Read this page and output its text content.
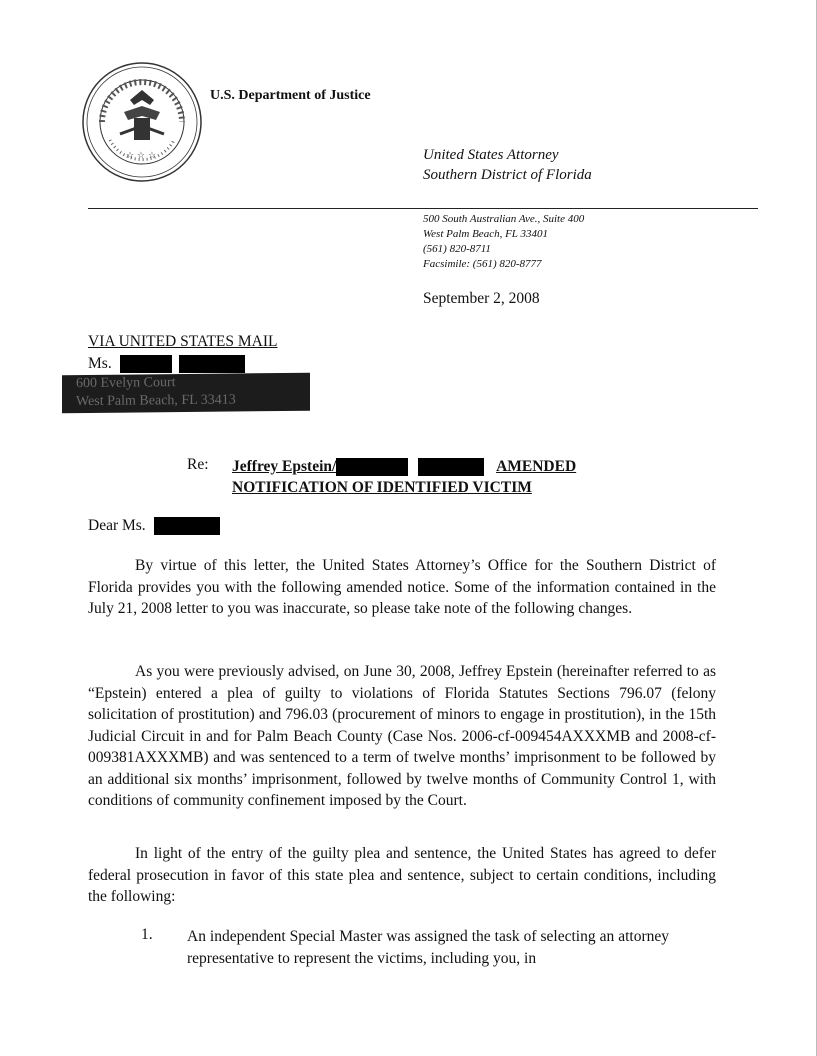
☆ ☆ ☆
U.S. Department of Justice
United States Attorney
Southern District of Florida
500 South Australian Ave., Suite 400
West Palm Beach, FL 33401
(561) 820-8711
Facsimile: (561) 820-8777
September 2, 2008
VIA UNITED STATES MAIL
Ms.
600 Evelyn Court
West Palm Beach, FL 33413
Re: Jeffrey Epstein/	AMENDED
NOTIFICATION OF IDENTIFIED VICTIM
Dear Ms.
By virtue of this letter, the United States Attorney’s Office for the Southern District of Florida provides you with the following amended notice. Some of the information contained in the July 21, 2008 letter to you was inaccurate, so please take note of the following changes.
As you were previously advised, on June 30, 2008, Jeffrey Epstein (hereinafter referred to as “Epstein) entered a plea of guilty to violations of Florida Statutes Sections 796.07 (felony solicitation of prostitution) and 796.03 (procurement of minors to engage in prostitution), in the 15th Judicial Circuit in and for Palm Beach County (Case Nos. 2006-cf-009454AXXXMB and 2008-cf-009381AXXXMB) and was sentenced to a term of twelve months’ imprisonment to be followed by an additional six months’ imprisonment, followed by twelve months of Community Control 1, with conditions of community confinement imposed by the Court.
In light of the entry of the guilty plea and sentence, the United States has agreed to defer federal prosecution in favor of this state plea and sentence, subject to certain conditions, including the following:
1. An independent Special Master was assigned the task of selecting an attorney representative to represent the victims, including you, in
